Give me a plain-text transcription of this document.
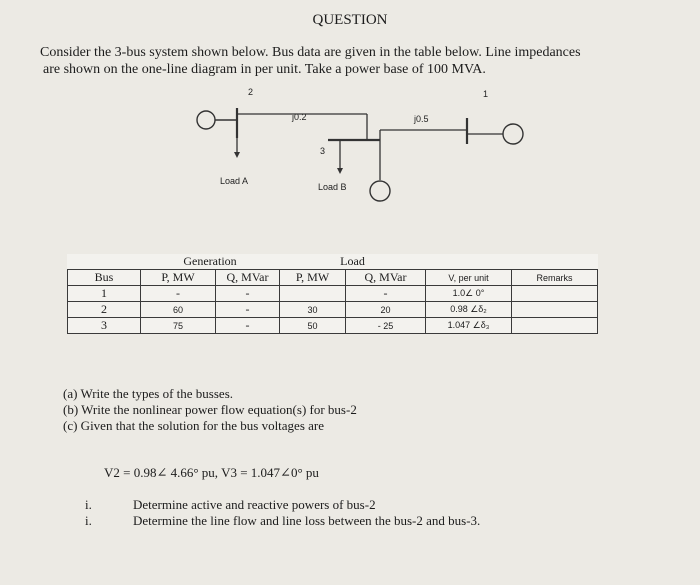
QUESTION
Consider the 3-bus system shown below. Bus data are given in the table below. Line impedances
are shown on the one-line diagram in per unit. Take a power base of 100 MVA.
2	1
3
j0.2	j0.5
Load A
Load B
	Generation		Load			
Bus	P, MW	Q, MVar	P, MW	Q, MVar	V, per unit	Remarks
1	-	-		-	1.0∠ 0°	
2	60	-	30	20	0.98 ∠δ₂	
3	75	-	50	- 25	1.047 ∠δ₃	
(a) Write the types of the busses.
(b) Write the nonlinear power flow equation(s) for bus-2
(c) Given that the solution for the bus voltages are
V2 = 0.98∠ 4.66° pu, V3 = 1.047∠0° pu
i.	Determine active and reactive powers of bus-2
i.	Determine the line flow and line loss between the bus-2 and bus-3.
